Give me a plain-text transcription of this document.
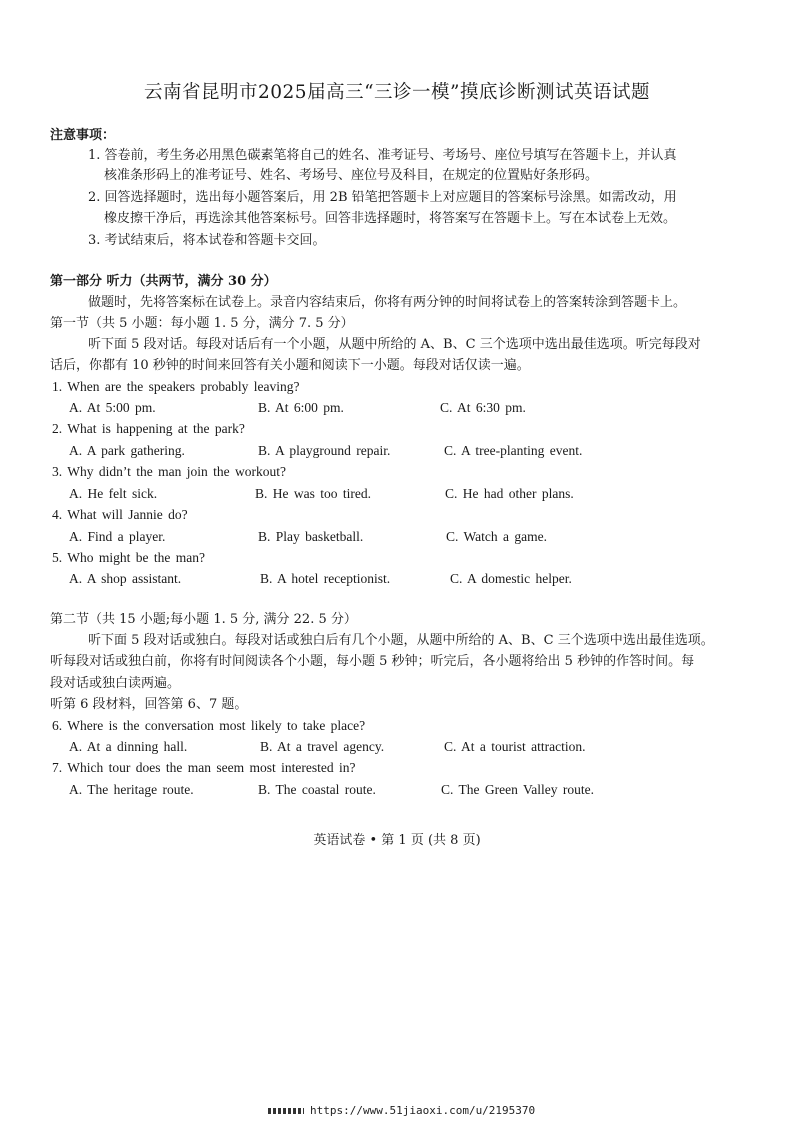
云南省昆明市2025届高三“三诊一模”摸底诊断测试英语试题
注意事项：
1. 答卷前，考生务必用黑色碳素笔将自己的姓名、准考证号、考场号、座位号填写在答题卡上，并认真
核准条形码上的准考证号、姓名、考场号、座位号及科目，在规定的位置贴好条形码。
2. 回答选择题时，选出每小题答案后，用 2B 铅笔把答题卡上对应题目的答案标号涂黑。如需改动，用
橡皮擦干净后，再选涂其他答案标号。回答非选择题时，将答案写在答题卡上。写在本试卷上无效。
3. 考试结束后，将本试卷和答题卡交回。
第一部分 听力（共两节，满分 30 分）
做题时，先将答案标在试卷上。录音内容结束后，你将有两分钟的时间将试卷上的答案转涂到答题卡上。
第一节（共 5 小题：每小题 1. 5 分，满分 7. 5 分）
听下面 5 段对话。每段对话后有一个小题，从题中所给的 A、B、C 三个选项中选出最佳选项。听完每段对
话后，你都有 10 秒钟的时间来回答有关小题和阅读下一小题。每段对话仅读一遍。
1. When are the speakers probably leaving?
A. At 5:00 pm.	B. At 6:00 pm.	C. At 6:30 pm.
2. What is happening at the park?
A. A park gathering.	B. A playground repair.	C. A tree-planting event.
3. Why didn’t the man join the workout?
A. He felt sick.	B. He was too tired.	C. He had other plans.
4. What will Jannie do?
A. Find a player.	B. Play basketball.	C. Watch a game.
5. Who might be the man?
A. A shop assistant.	B. A hotel receptionist.	C. A domestic helper.
第二节（共 15 小题;每小题 1. 5 分, 满分 22. 5 分）
听下面 5 段对话或独白。每段对话或独白后有几个小题，从题中所给的 A、B、C 三个选项中选出最佳选项。
听每段对话或独白前，你将有时间阅读各个小题，每小题 5 秒钟；听完后，各小题将给出 5 秒钟的作答时间。每
段对话或独白读两遍。
听第 6 段材料，回答第 6、7 题。
6. Where is the conversation most likely to take place?
A. At a dinning hall.	B. At a travel agency.	C. At a tourist attraction.
7. Which tour does the man seem most interested in?
A. The heritage route.	B. The coastal route.	C. The Green Valley route.
英语试卷 • 第 1 页 (共 8 页)
https://www.51jiaoxi.com/u/2195370
